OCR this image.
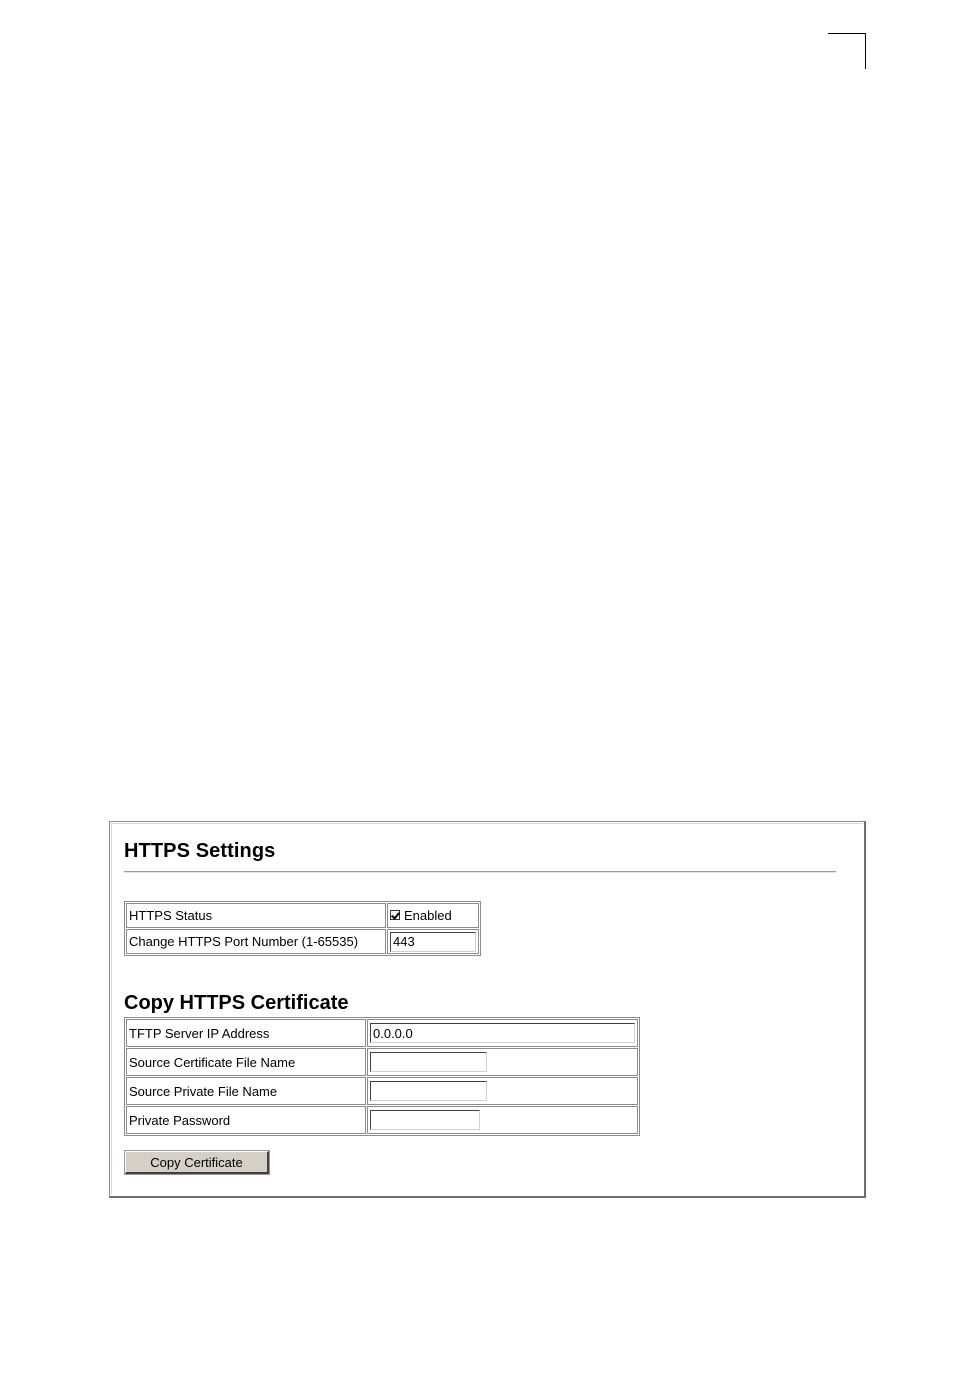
HTTPS Settings
HTTPS Status	Enabled

Change HTTPS Port Number (1-65535)	443
Copy HTTPS Certificate
TFTP Server IP Address	0.0.0.0
Source Certificate File Name	
Source Private File Name	
Private Password	
Copy Certificate
